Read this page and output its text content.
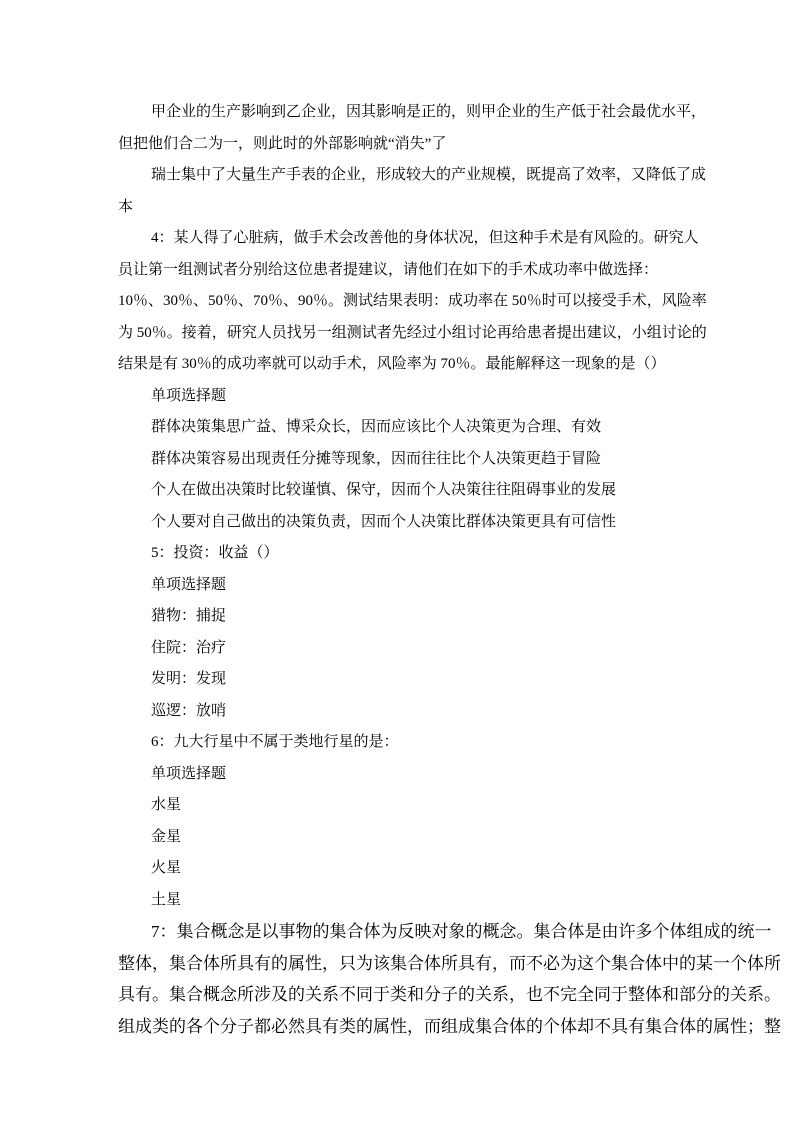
甲企业的生产影响到乙企业，因其影响是正的，则甲企业的生产低于社会最优水平，
但把他们合二为一，则此时的外部影响就“消失”了

瑞士集中了大量生产手表的企业，形成较大的产业规模，既提高了效率，又降低了成
本

4：某人得了心脏病，做手术会改善他的身体状况，但这种手术是有风险的。研究人
员让第一组测试者分别给这位患者提建议，请他们在如下的手术成功率中做选择：
10％、30％、50％、70％、90％。测试结果表明：成功率在 50％时可以接受手术，风险率
为 50％。接着，研究人员找另一组测试者先经过小组讨论再给患者提出建议，小组讨论的
结果是有 30％的成功率就可以动手术，风险率为 70％。最能解释这一现象的是（）

单项选择题

群体决策集思广益、博采众长，因而应该比个人决策更为合理、有效

群体决策容易出现责任分摊等现象，因而往往比个人决策更趋于冒险

个人在做出决策时比较谨慎、保守，因而个人决策往往阻碍事业的发展

个人要对自己做出的决策负责，因而个人决策比群体决策更具有可信性

5：投资：收益（）

单项选择题

猎物：捕捉

住院：治疗

发明：发现

巡逻：放哨

6：九大行星中不属于类地行星的是：

单项选择题

水星

金星

火星

土星

7：集合概念是以事物的集合体为反映对象的概念。集合体是由许多个体组成的统一
整体，集合体所具有的属性，只为该集合体所具有，而不必为这个集合体中的某一个体所
具有。集合概念所涉及的关系不同于类和分子的关系，也不完全同于整体和部分的关系。
组成类的各个分子都必然具有类的属性，而组成集合体的个体却不具有集合体的属性；整
